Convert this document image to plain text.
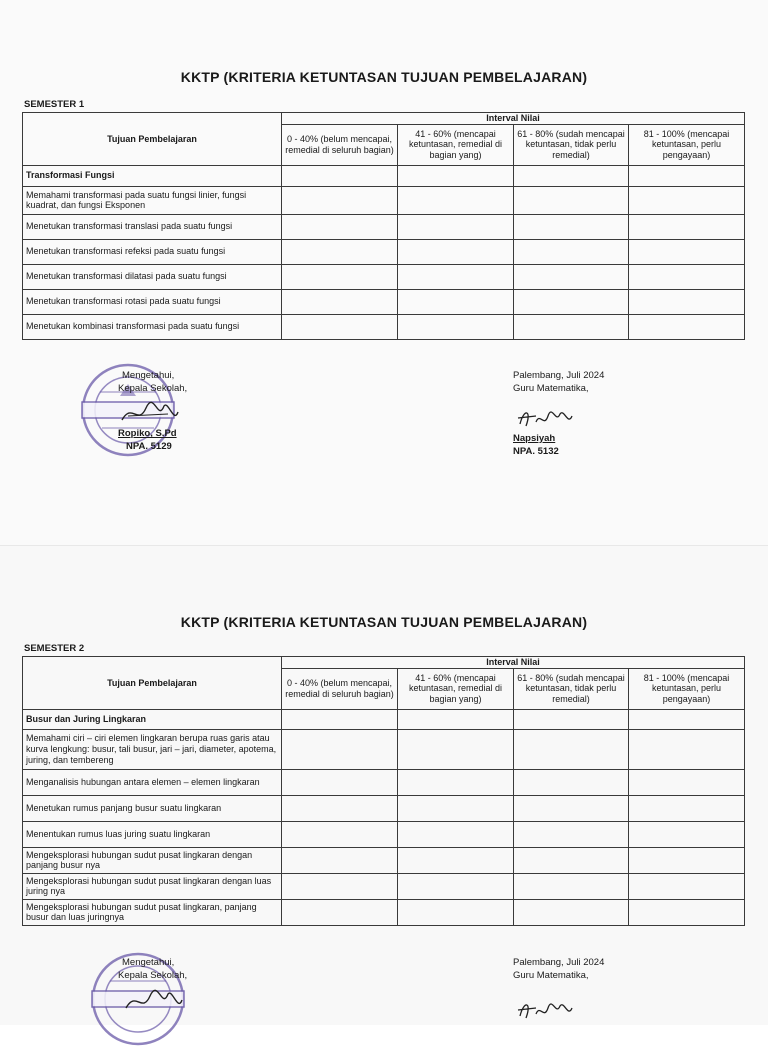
KKTP (KRITERIA KETUNTASAN TUJUAN PEMBELAJARAN)
SEMESTER 1
Tujuan Pembelajaran	Interval Nilai			
	0 - 40% (belum mencapai, remedial di seluruh bagian)	41 - 60% (mencapai ketuntasan, remedial di bagian yang)	61 - 80% (sudah mencapai ketuntasan, tidak perlu remedial)	81 - 100% (mencapai ketuntasan, perlu pengayaan)
Transformasi Fungsi				
Memahami transformasi pada suatu fungsi linier, fungsi kuadrat, dan fungsi Eksponen				
Menetukan transformasi translasi pada suatu fungsi				
Menetukan transformasi refeksi pada suatu fungsi				
Menetukan transformasi dilatasi pada suatu fungsi				
Menetukan transformasi rotasi pada suatu fungsi				
Menetukan kombinasi transformasi pada suatu fungsi				
Mengetahui,
Kepala Sekolah,
Ropiko, S.Pd
NPA. 5129
Palembang, Juli 2024
Guru Matematika,
Napsiyah
NPA. 5132
KKTP (KRITERIA KETUNTASAN TUJUAN PEMBELAJARAN)
SEMESTER 2
Tujuan Pembelajaran	Interval Nilai			
	0 - 40% (belum mencapai, remedial di seluruh bagian)	41 - 60% (mencapai ketuntasan, remedial di bagian yang)	61 - 80% (sudah mencapai ketuntasan, tidak perlu remedial)	81 - 100% (mencapai ketuntasan, perlu pengayaan)
Busur dan Juring Lingkaran				
Memahami ciri – ciri elemen lingkaran berupa ruas garis atau kurva lengkung: busur, tali busur, jari – jari, diameter, apotema, juring, dan tembereng				
Menganalisis hubungan antara elemen – elemen lingkaran				
Menetukan rumus panjang busur suatu lingkaran				
Menentukan rumus luas juring suatu lingkaran				
Mengeksplorasi hubungan sudut pusat lingkaran dengan panjang busur nya				
Mengeksplorasi hubungan sudut pusat lingkaran dengan luas juring nya				
Mengeksplorasi hubungan sudut pusat lingkaran, panjang busur dan luas juringnya				
Mengetahui,
Kepala Sekolah,
Palembang, Juli 2024
Guru Matematika,
